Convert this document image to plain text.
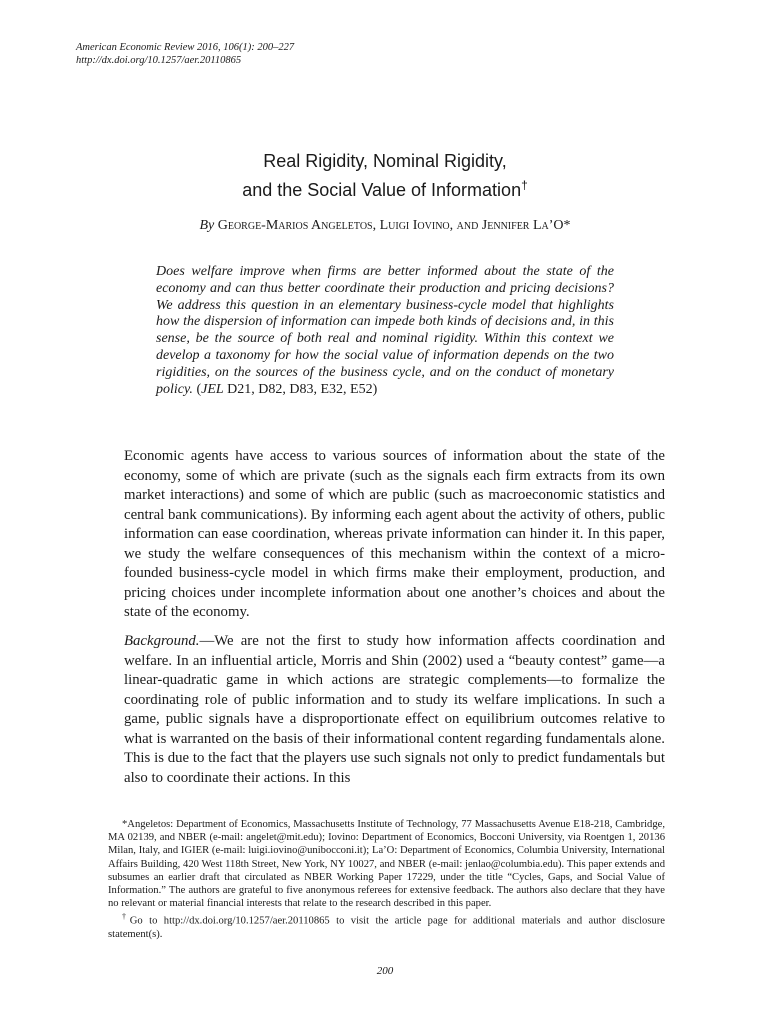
American Economic Review 2016, 106(1): 200–227
http://dx.doi.org/10.1257/aer.20110865
Real Rigidity, Nominal Rigidity,
and the Social Value of Information†
By George-Marios Angeletos, Luigi Iovino, and Jennifer La’O*
Does welfare improve when firms are better informed about the state of the economy and can thus better coordinate their production and pricing decisions? We address this question in an elementary business-cycle model that highlights how the dispersion of information can impede both kinds of decisions and, in this sense, be the source of both real and nominal rigidity. Within this context we develop a taxonomy for how the social value of information depends on the two rigidities, on the sources of the business cycle, and on the conduct of monetary policy. (JEL D21, D82, D83, E32, E52)
Economic agents have access to various sources of information about the state of the economy, some of which are private (such as the signals each firm extracts from its own market interactions) and some of which are public (such as macroeconomic statistics and central bank communications). By informing each agent about the activity of others, public information can ease coordination, whereas private information can hinder it. In this paper, we study the welfare consequences of this mechanism within the context of a micro-founded business-cycle model in which firms make their employment, production, and pricing choices under incomplete information about one another’s choices and about the state of the economy.
Background.—We are not the first to study how information affects coordination and welfare. In an influential article, Morris and Shin (2002) used a “beauty contest” game—a linear-quadratic game in which actions are strategic complements—to formalize the coordinating role of public information and to study its welfare implications. In such a game, public signals have a disproportionate effect on equilibrium outcomes relative to what is warranted on the basis of their informational content regarding fundamentals alone. This is due to the fact that the players use such signals not only to predict fundamentals but also to coordinate their actions. In this

*Angeletos: Department of Economics, Massachusetts Institute of Technology, 77 Massachusetts Avenue E18-218, Cambridge, MA 02139, and NBER (e-mail: angelet@mit.edu); Iovino: Department of Economics, Bocconi University, via Roentgen 1, 20136 Milan, Italy, and IGIER (e-mail: luigi.iovino@unibocconi.it); La’O: Department of Economics, Columbia University, International Affairs Building, 420 West 118th Street, New York, NY 10027, and NBER (e-mail: jenlao@columbia.edu). This paper extends and subsumes an earlier draft that circulated as NBER Working Paper 17229, under the title “Cycles, Gaps, and Social Value of Information.” The authors are grateful to five anonymous referees for extensive feedback. The authors also declare that they have no relevant or material financial interests that relate to the research described in this paper.

†Go to http://dx.doi.org/10.1257/aer.20110865 to visit the article page for additional materials and author disclosure statement(s).

200
